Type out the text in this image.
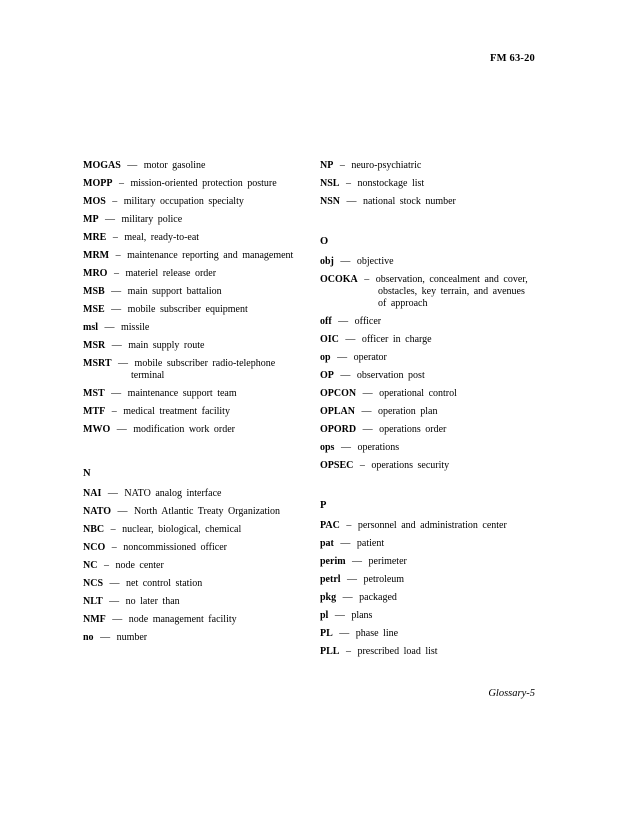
FM 63-20

MOGAS — motor gasoline

MOPP – mission-oriented protection posture

MOS – military occupation specialty

MP — military police

MRE – meal, ready-to-eat

MRM – maintenance reporting and management

MRO – materiel release order

MSB — main support battalion

MSE — mobile subscriber equipment

msl — missile

MSR — main supply route

MSRT — mobile subscriber radio-telephone terminal

MST — maintenance support team

MTF – medical treatment facility

MWO — modification work order

N

NAI — NATO analog interface

NATO — North Atlantic Treaty Organization

NBC – nuclear, biological, chemical

NCO – noncommissioned officer

NC – node center

NCS — net control station

NLT — no later than

NMF — node management facility

no — number

NP – neuro-psychiatric

NSL – nonstockage list

NSN — national stock number

O

obj — objective

OCOKA – observation, concealment and cover, obstacles, key terrain, and avenues of approach

off — officer

OIC — officer in charge

op — operator

OP — observation post

OPCON — operational control

OPLAN — operation plan

OPORD — operations order

ops — operations

OPSEC – operations security

P

PAC – personnel and administration center

pat — patient

perim — perimeter

petrl — petroleum

pkg — packaged

pl — plans

PL — phase line

PLL – prescribed load list

Glossary-5
